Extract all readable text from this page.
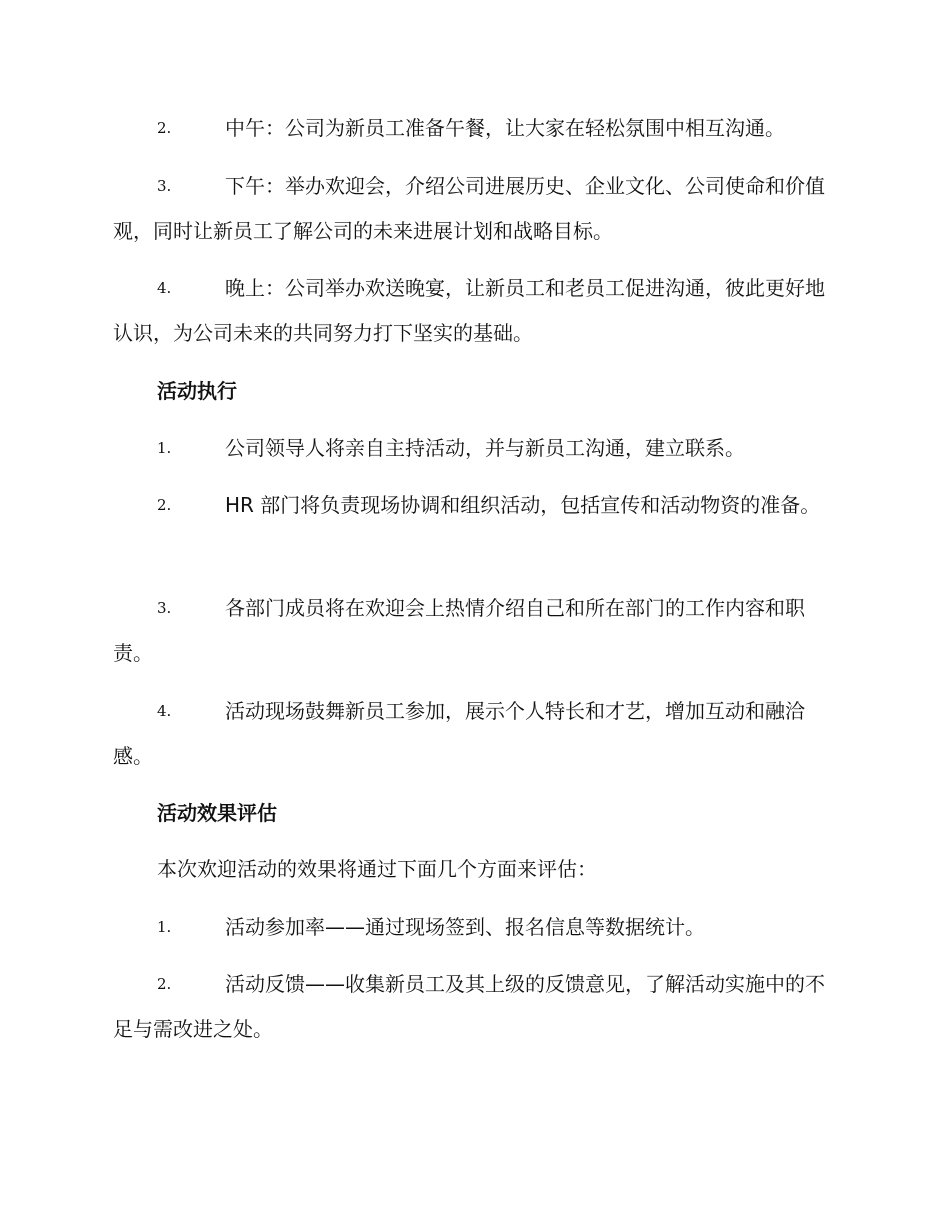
2.	中午：公司为新员工准备午餐，让大家在轻松氛围中相互沟通。
3.	下午：举办欢迎会，介绍公司进展历史、企业文化、公司使命和价值观，同时让新员工了解公司的未来进展计划和战略目标。
4.	晚上：公司举办欢送晚宴，让新员工和老员工促进沟通，彼此更好地认识，为公司未来的共同努力打下坚实的基础。
活动执行
1.	公司领导人将亲自主持活动，并与新员工沟通，建立联系。
2.	HR 部门将负责现场协调和组织活动，包括宣传和活动物资的准备。
3.	各部门成员将在欢迎会上热情介绍自己和所在部门的工作内容和职责。
4.	活动现场鼓舞新员工参加，展示个人特长和才艺，增加互动和融洽感。
活动效果评估
本次欢迎活动的效果将通过下面几个方面来评估：
1.	活动参加率——通过现场签到、报名信息等数据统计。
2.	活动反馈——收集新员工及其上级的反馈意见，了解活动实施中的不足与需改进之处。
